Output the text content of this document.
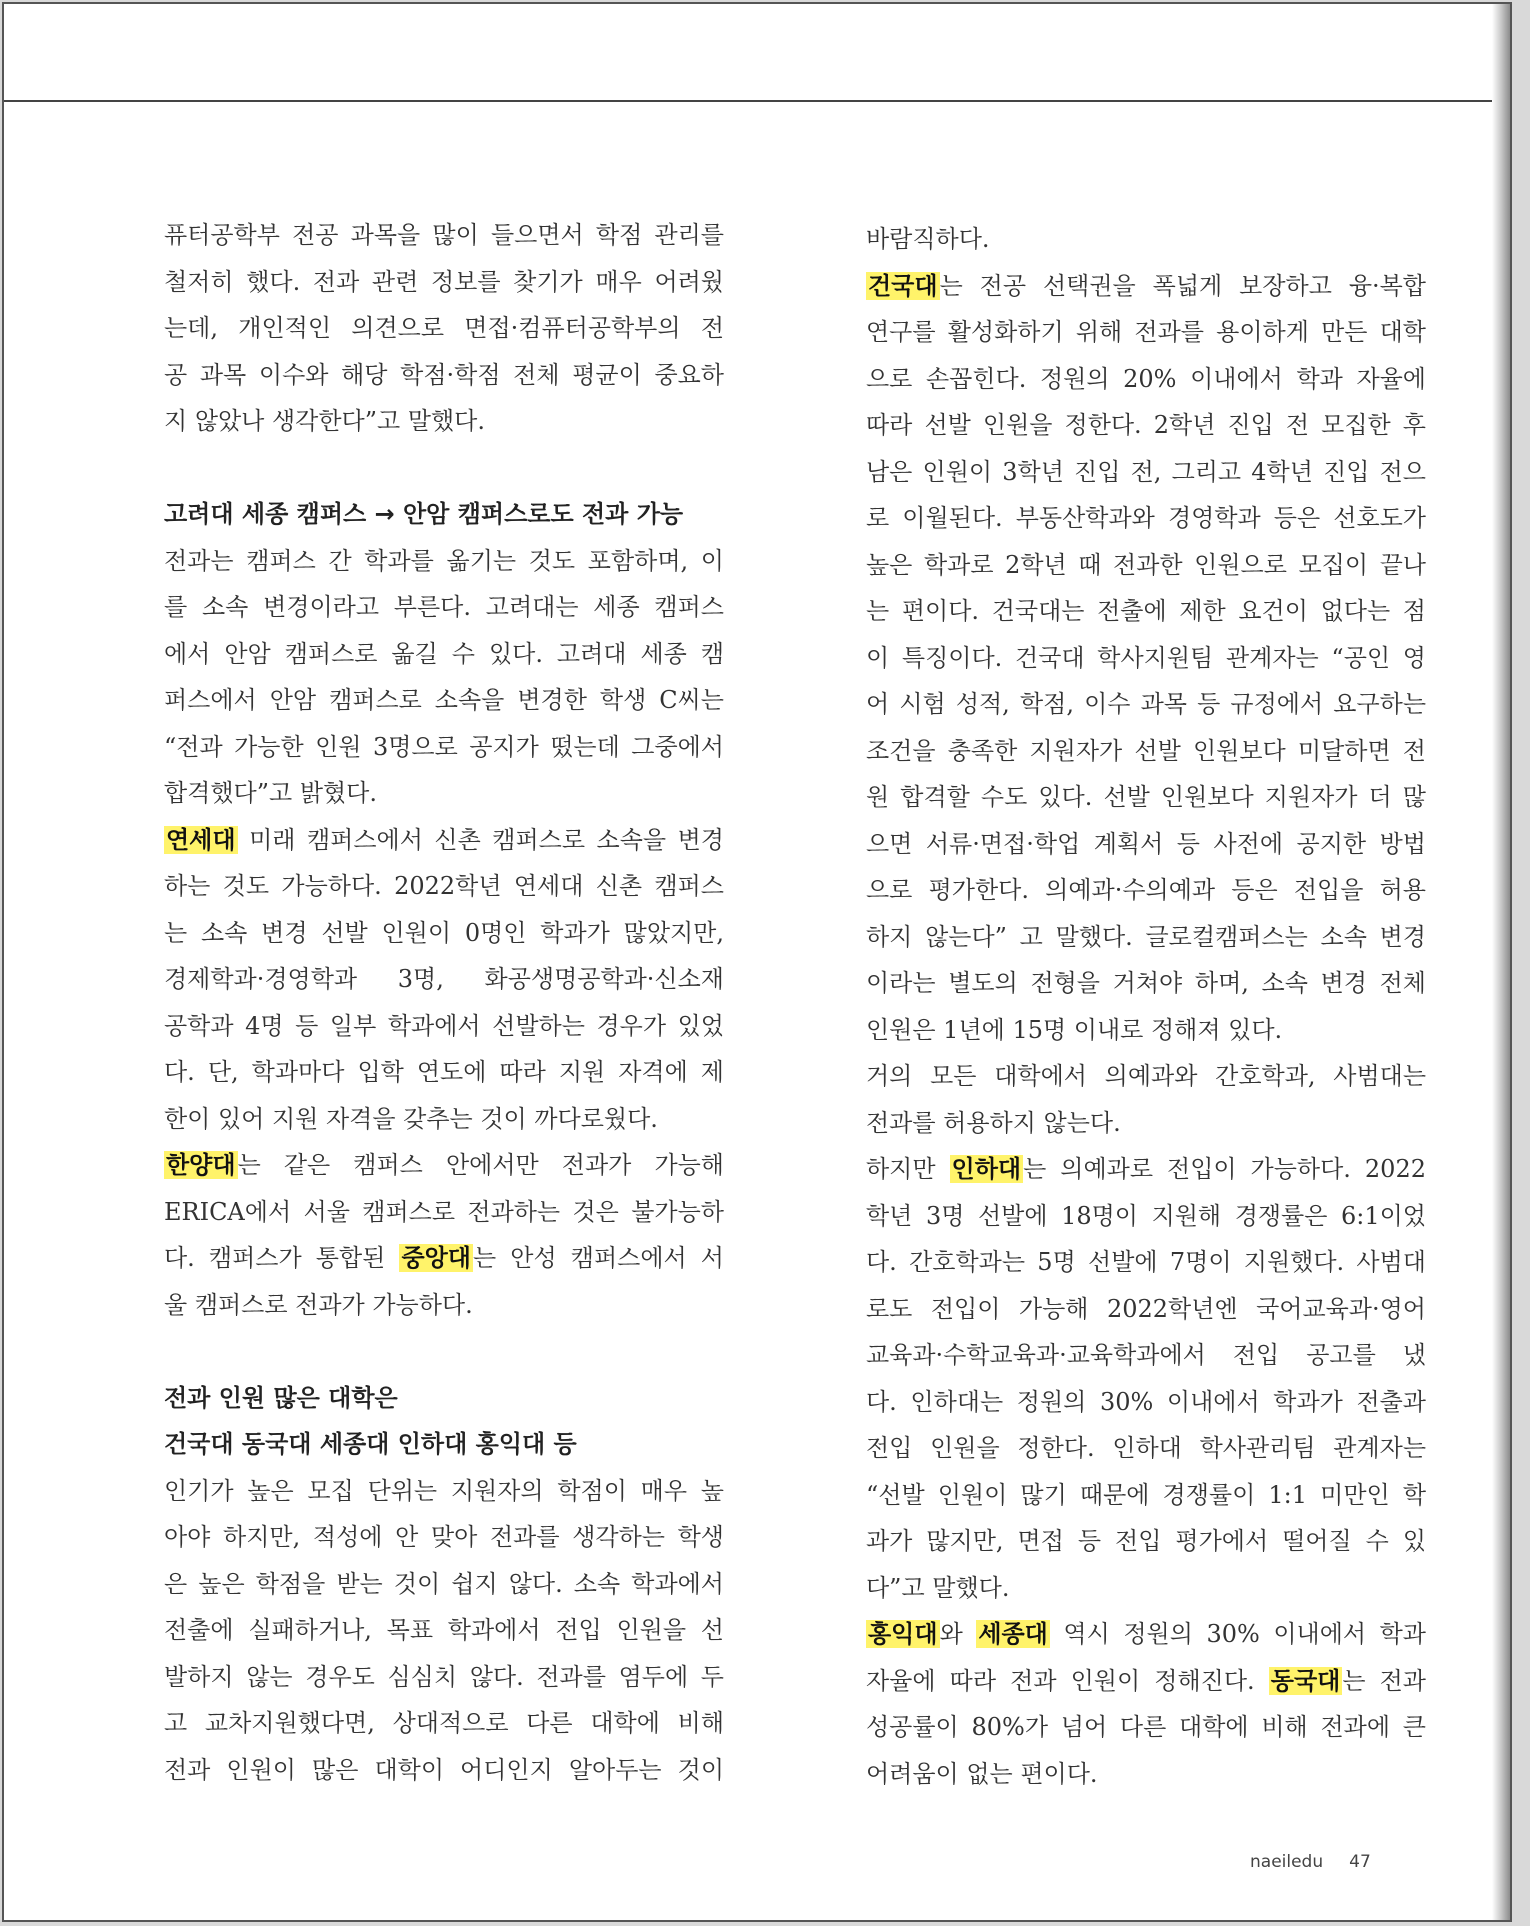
퓨터공학부 전공 과목을 많이 들으면서 학점 관리를
철저히 했다. 전과 관련 정보를 찾기가 매우 어려웠
는데, 개인적인 의견으로 면접·컴퓨터공학부의 전
공 과목 이수와 해당 학점·학점 전체 평균이 중요하
지 않았나 생각한다”고 말했다.
고려대 세종 캠퍼스 → 안암 캠퍼스로도 전과 가능
전과는 캠퍼스 간 학과를 옮기는 것도 포함하며, 이
를 소속 변경이라고 부른다. 고려대는 세종 캠퍼스
에서 안암 캠퍼스로 옮길 수 있다. 고려대 세종 캠
퍼스에서 안암 캠퍼스로 소속을 변경한 학생 C씨는
“전과 가능한 인원 3명으로 공지가 떴는데 그중에서
합격했다”고 밝혔다.
연세대 미래 캠퍼스에서 신촌 캠퍼스로 소속을 변경
하는 것도 가능하다. 2022학년 연세대 신촌 캠퍼스
는 소속 변경 선발 인원이 0명인 학과가 많았지만,
경제학과·경영학과 3명, 화공생명공학과·신소재
공학과 4명 등 일부 학과에서 선발하는 경우가 있었
다. 단, 학과마다 입학 연도에 따라 지원 자격에 제
한이 있어 지원 자격을 갖추는 것이 까다로웠다.
한양대는 같은 캠퍼스 안에서만 전과가 가능해
ERICA에서 서울 캠퍼스로 전과하는 것은 불가능하
다. 캠퍼스가 통합된 중앙대는 안성 캠퍼스에서 서
울 캠퍼스로 전과가 가능하다.
전과 인원 많은 대학은
건국대 동국대 세종대 인하대 홍익대 등
인기가 높은 모집 단위는 지원자의 학점이 매우 높
아야 하지만, 적성에 안 맞아 전과를 생각하는 학생
은 높은 학점을 받는 것이 쉽지 않다. 소속 학과에서
전출에 실패하거나, 목표 학과에서 전입 인원을 선
발하지 않는 경우도 심심치 않다. 전과를 염두에 두
고 교차지원했다면, 상대적으로 다른 대학에 비해
전과 인원이 많은 대학이 어디인지 알아두는 것이
바람직하다.
건국대는 전공 선택권을 폭넓게 보장하고 융·복합
연구를 활성화하기 위해 전과를 용이하게 만든 대학
으로 손꼽힌다. 정원의 20% 이내에서 학과 자율에
따라 선발 인원을 정한다. 2학년 진입 전 모집한 후
남은 인원이 3학년 진입 전, 그리고 4학년 진입 전으
로 이월된다. 부동산학과와 경영학과 등은 선호도가
높은 학과로 2학년 때 전과한 인원으로 모집이 끝나
는 편이다. 건국대는 전출에 제한 요건이 없다는 점
이 특징이다. 건국대 학사지원팀 관계자는 “공인 영
어 시험 성적, 학점, 이수 과목 등 규정에서 요구하는
조건을 충족한 지원자가 선발 인원보다 미달하면 전
원 합격할 수도 있다. 선발 인원보다 지원자가 더 많
으면 서류·면접·학업 계획서 등 사전에 공지한 방법
으로 평가한다. 의예과·수의예과 등은 전입을 허용
하지 않는다” 고 말했다. 글로컬캠퍼스는 소속 변경
이라는 별도의 전형을 거쳐야 하며, 소속 변경 전체
인원은 1년에 15명 이내로 정해져 있다.
거의 모든 대학에서 의예과와 간호학과, 사범대는
전과를 허용하지 않는다.
하지만 인하대는 의예과로 전입이 가능하다. 2022
학년 3명 선발에 18명이 지원해 경쟁률은 6:1이었
다. 간호학과는 5명 선발에 7명이 지원했다. 사범대
로도 전입이 가능해 2022학년엔 국어교육과·영어
교육과·수학교육과·교육학과에서 전입 공고를 냈
다. 인하대는 정원의 30% 이내에서 학과가 전출과
전입 인원을 정한다. 인하대 학사관리팀 관계자는
“선발 인원이 많기 때문에 경쟁률이 1:1 미만인 학
과가 많지만, 면접 등 전입 평가에서 떨어질 수 있
다”고 말했다.
홍익대와 세종대 역시 정원의 30% 이내에서 학과
자율에 따라 전과 인원이 정해진다. 동국대는 전과
성공률이 80%가 넘어 다른 대학에 비해 전과에 큰
어려움이 없는 편이다.
naeiledu 47
